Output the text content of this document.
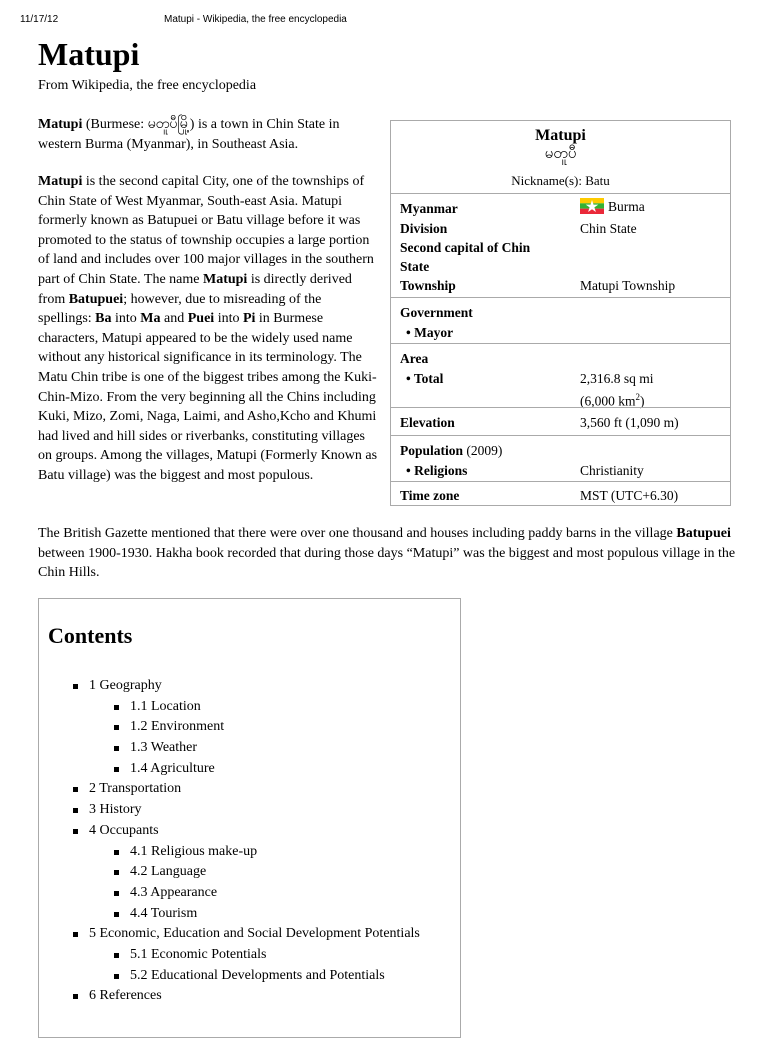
11/17/12	Matupi - Wikipedia, the free encyclopedia
Matupi
From Wikipedia, the free encyclopedia

Matupi (Burmese: မတူပီမြို့) is a town in Chin State in western Burma (Myanmar), in Southeast Asia.

Matupi is the second capital City, one of the townships of Chin State of West Myanmar, South-east Asia. Matupi formerly known as Batupuei or Batu village before it was promoted to the status of township occupies a large portion of land and includes over 100 major villages in the southern part of Chin State. The name Matupi is directly derived from Batupuei; however, due to misreading of the spellings: Ba into Ma and Puei into Pi in Burmese characters, Matupi appeared to be the widely used name without any historical significance in its terminology. The Matu Chin tribe is one of the biggest tribes among the Kuki-Chin-Mizo. From the very beginning all the Chins including Kuki, Mizo, Zomi, Naga, Laimi, and Asho,Kcho and Khumi had lived and hill sides or riverbanks, constituting villages on groups. Among the villages, Matupi (Formerly Known as Batu village) was the biggest and most populous.

The British Gazette mentioned that there were over one thousand and houses including paddy barns in the village Batupuei between 1900-1930. Hakha book recorded that during those days “Matupi” was the biggest and most populous village in the Chin Hills.

Matupi
မတူပီ
Nickname(s): Batu
Myanmar	Burma
Division	Chin State
Second capital of Chin State
Township	Matupi Township
Government
• Mayor
Area
• Total	2,316.8 sq mi
(6,000 $km^2$)
Elevation	3,560 ft (1,090 m)
Population (2009)
• Religions	Christianity
Time zone	MST (UTC+6.30)
Contents
1 Geography
1.1 Location
1.2 Environment
1.3 Weather
1.4 Agriculture
2 Transportation
3 History
4 Occupants
4.1 Religious make-up
4.2 Language
4.3 Appearance
4.4 Tourism
5 Economic, Education and Social Development Potentials
5.1 Economic Potentials
5.2 Educational Developments and Potentials
6 References
